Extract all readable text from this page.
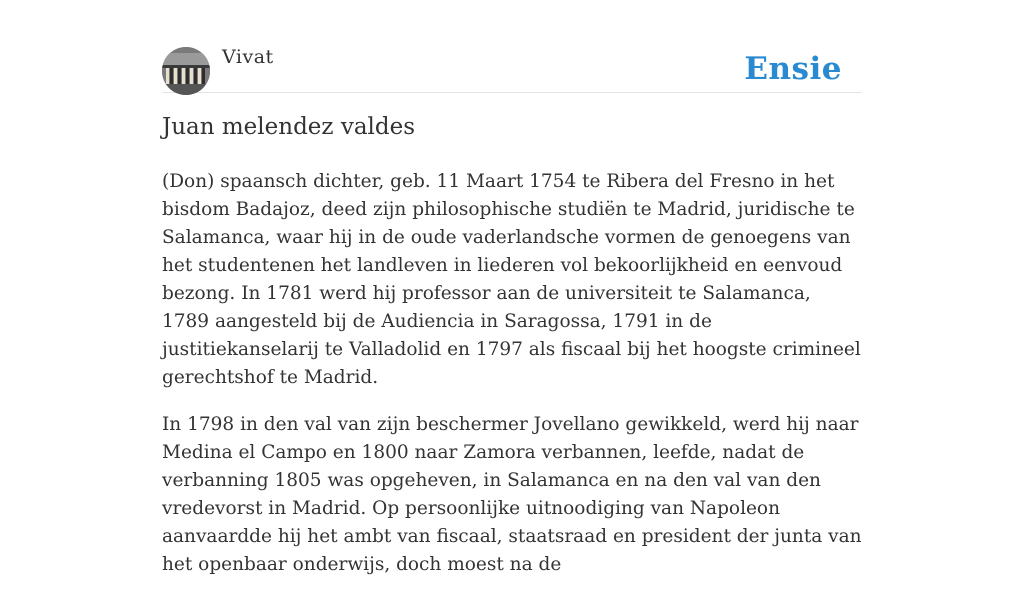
Vivat	Ensie
Juan melendez valdes

(Don) spaansch dichter, geb. 11 Maart 1754 te Ribera del Fresno in het bisdom Badajoz, deed zijn philosophische studiën te Madrid, juridische te Salamanca, waar hij in de oude vaderlandsche vormen de genoegens van het studentenen het landleven in liederen vol bekoorlijkheid en eenvoud bezong. In 1781 werd hij professor aan de universiteit te Salamanca, 1789 aangesteld bij de Audiencia in Saragossa, 1791 in de justitiekanselarij te Valladolid en 1797 als fiscaal bij het hoogste crimineel gerechtshof te Madrid.

In 1798 in den val van zijn beschermer Jovellano gewikkeld, werd hij naar Medina el Campo en 1800 naar Zamora verbannen, leefde, nadat de verbanning 1805 was opgeheven, in Salamanca en na den val van den vredevorst in Madrid. Op persoonlijke uitnoodiging van Napoleon aanvaardde hij het ambt van fiscaal, staatsraad en president der junta van het openbaar onderwijs, doch moest na de
